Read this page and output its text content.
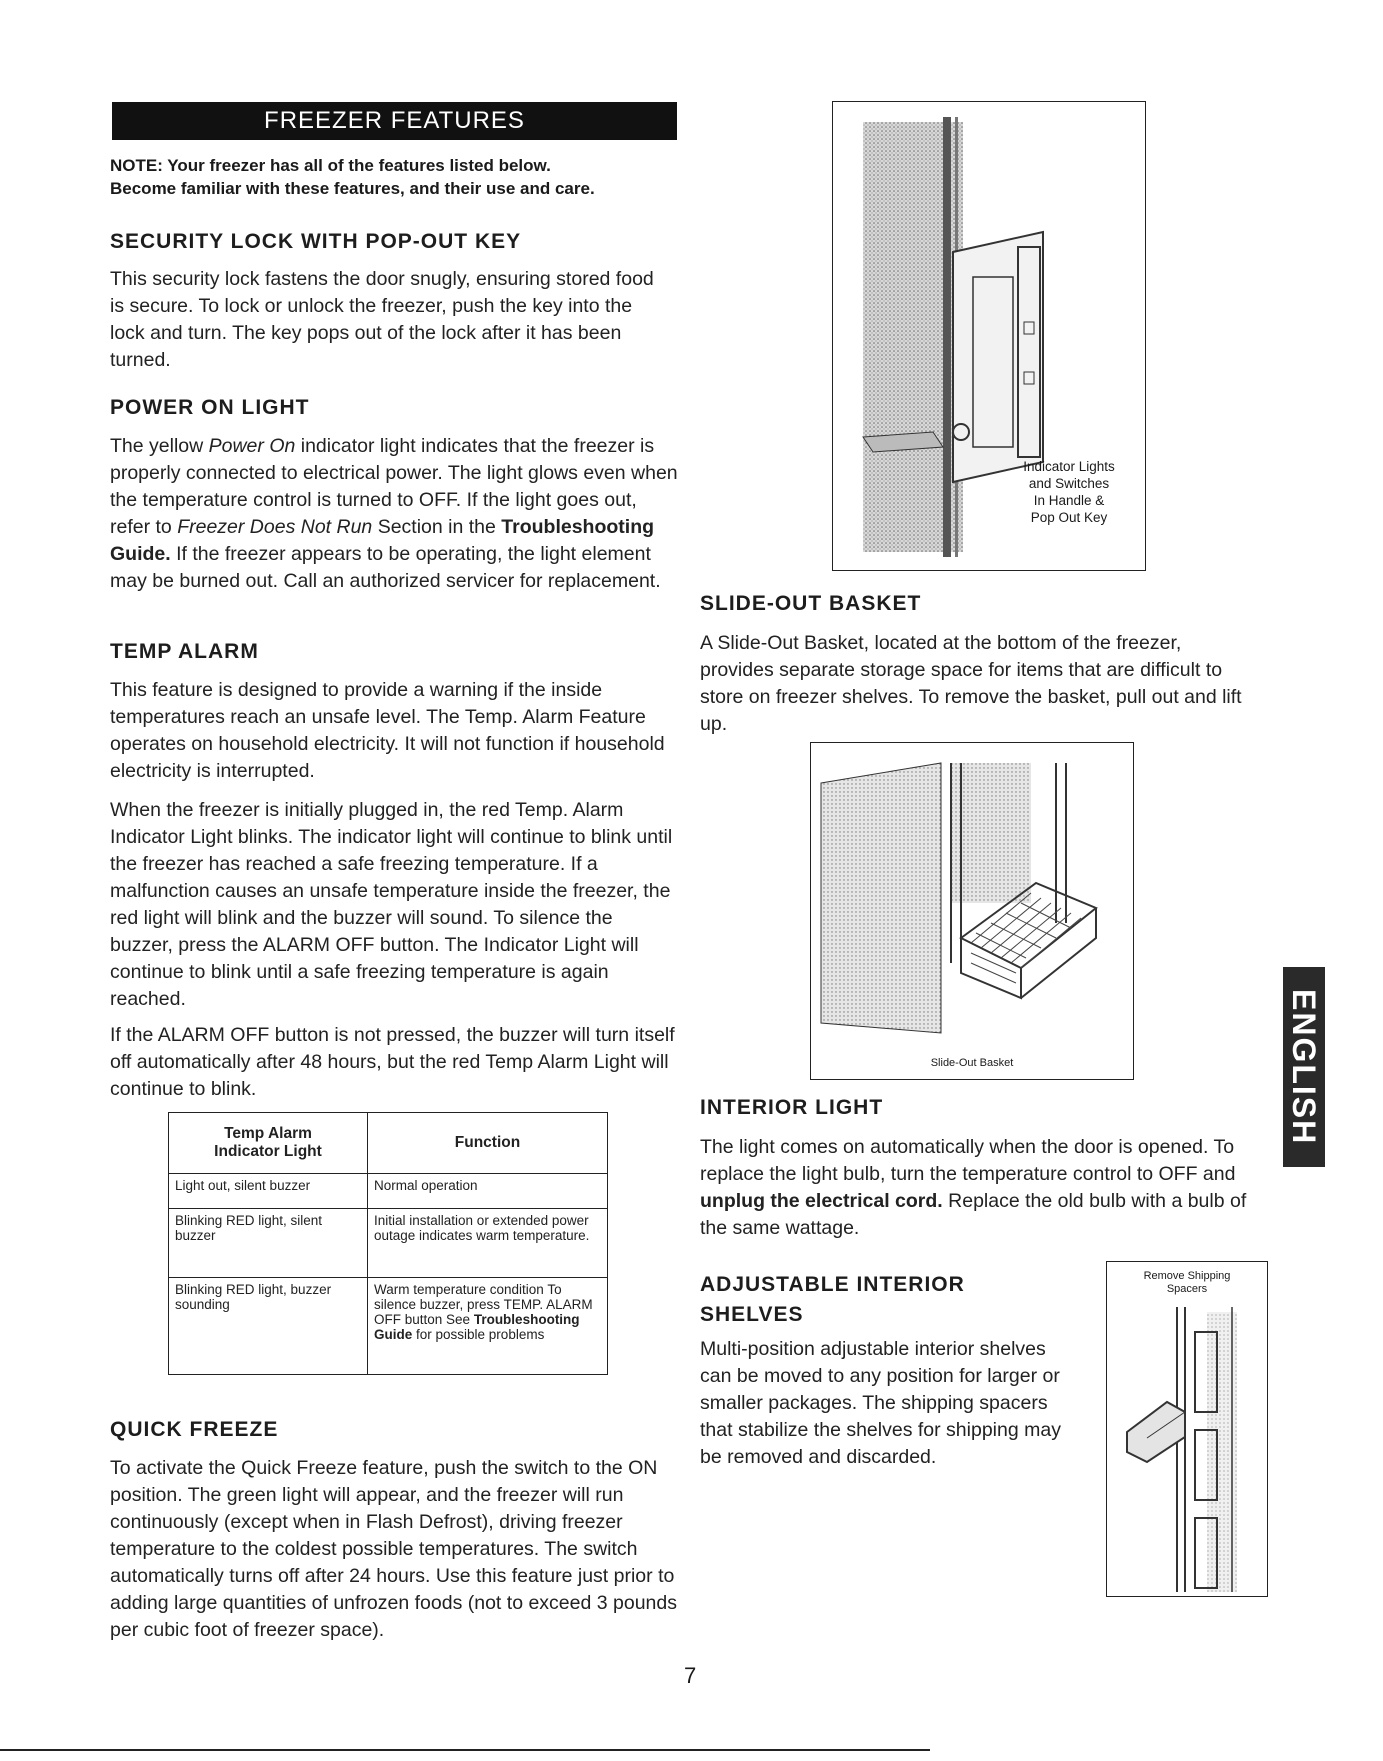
FREEZER FEATURES
NOTE: Your freezer has all of the features listed below.
Become familiar with these features, and their use and care.
SECURITY LOCK WITH POP-OUT KEY
This security lock fastens the door snugly, ensuring stored food is secure. To lock or unlock the freezer, push the key into the lock and turn. The key pops out of the lock after it has been turned.
POWER ON LIGHT
The yellow Power On indicator light indicates that the freezer is properly connected to electrical power. The light glows even when the temperature control is turned to OFF. If the light goes out, refer to Freezer Does Not Run Section in the Troubleshooting Guide. If the freezer appears to be operating, the light element may be burned out. Call an authorized servicer for replacement.
TEMP ALARM
This feature is designed to provide a warning if the inside temperatures reach an unsafe level. The Temp. Alarm Feature operates on household electricity. It will not function if household electricity is interrupted.
When the freezer is initially plugged in, the red Temp. Alarm Indicator Light blinks. The indicator light will continue to blink until the freezer has reached a safe freezing temperature. If a malfunction causes an unsafe temperature inside the freezer, the red light will blink and the buzzer will sound. To silence the buzzer, press the ALARM OFF button. The Indicator Light will continue to blink until a safe freezing temperature is again reached.
If the ALARM OFF button is not pressed, the buzzer will turn itself off automatically after 48 hours, but the red Temp Alarm Light will continue to blink.
Temp Alarm
Indicator Light	Function
Light out, silent buzzer	Normal operation
Blinking RED light, silent buzzer	Initial installation or extended power outage indicates warm temperature.
Blinking RED light, buzzer sounding	Warm temperature condition To silence buzzer, press TEMP. ALARM OFF button See Troubleshooting Guide for possible problems
QUICK FREEZE
To activate the Quick Freeze feature, push the switch to the ON position. The green light will appear, and the freezer will run continuously (except when in Flash Defrost), driving freezer temperature to the coldest possible temperatures. The switch automatically turns off after 24 hours. Use this feature just prior to adding large quantities of unfrozen foods (not to exceed 3 pounds per cubic foot of freezer space).
Indicator Lights
and Switches
In Handle &
Pop Out Key
SLIDE-OUT BASKET
A Slide-Out Basket, located at the bottom of the freezer, provides separate storage space for items that are difficult to store on freezer shelves. To remove the basket, pull out and lift up.
Slide-Out Basket
INTERIOR LIGHT
The light comes on automatically when the door is opened. To replace the light bulb, turn the temperature control to OFF and unplug the electrical cord. Replace the old bulb with a bulb of the same wattage.
ADJUSTABLE INTERIOR
SHELVES
Multi-position adjustable interior shelves can be moved to any position for larger or smaller packages. The shipping spacers that stabilize the shelves for shipping may be removed and discarded.
Remove Shipping
Spacers
ENGLISH
7
